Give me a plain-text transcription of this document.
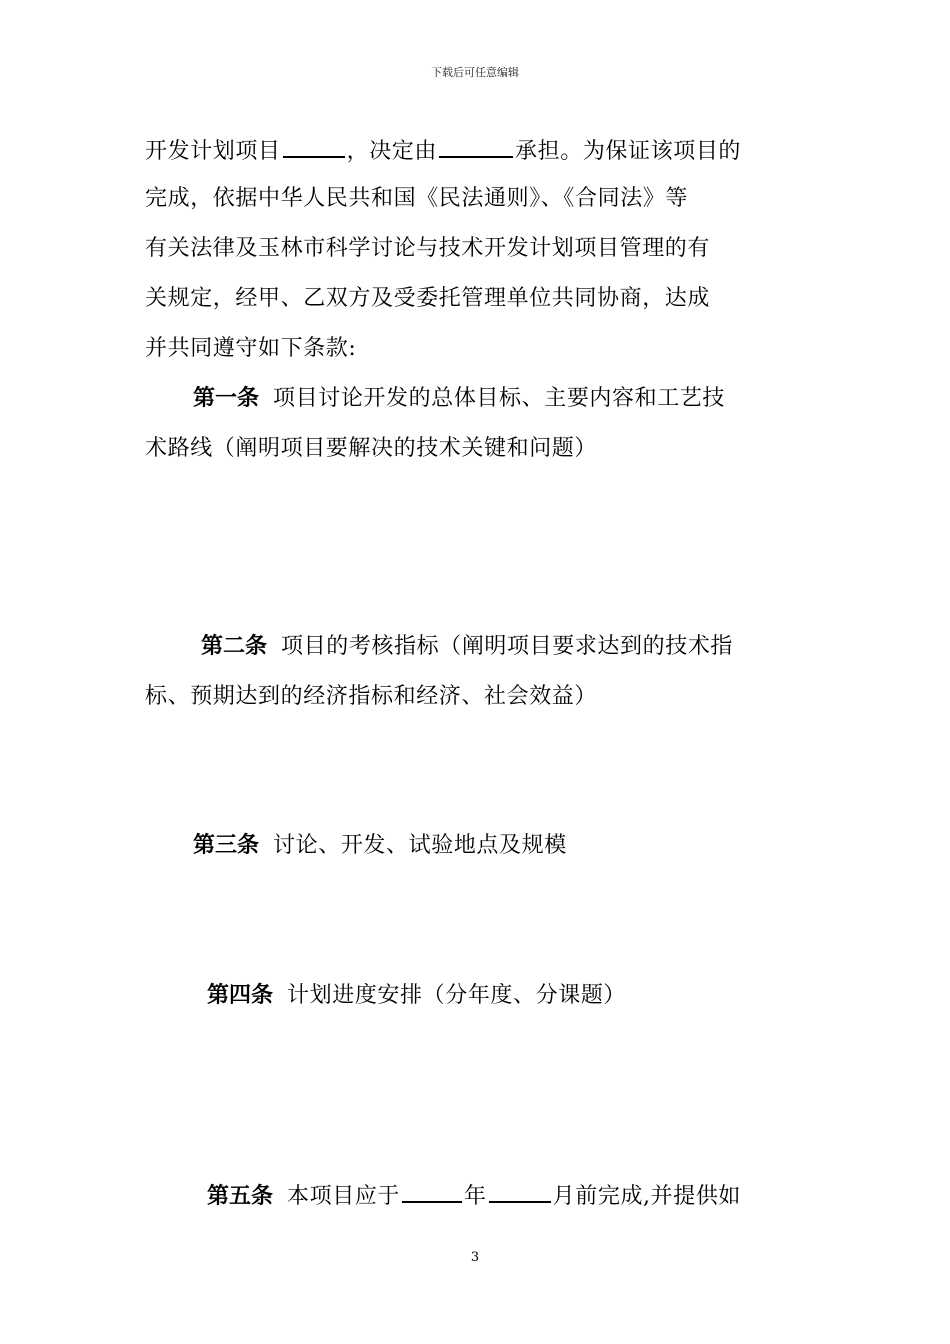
下载后可任意编辑
开发计划项目	，决定由	承担。为保证该项目的
完成，依据中华人民共和国《民法通则》、《合同法》等
有关法律及玉林市科学讨论与技术开发计划项目管理的有
关规定，经甲、乙双方及受委托管理单位共同协商，达成
并共同遵守如下条款:
第一条 项目讨论开发的总体目标、主要内容和工艺技
术路线（阐明项目要解决的技术关键和问题）
第二条 项目的考核指标（阐明项目要求达到的技术指
标、预期达到的经济指标和经济、社会效益）
第三条 讨论、开发、试验地点及规模
第四条 计划进度安排（分年度、分课题）
第五条 本项目应于	年	月前完成,并提供如
3
